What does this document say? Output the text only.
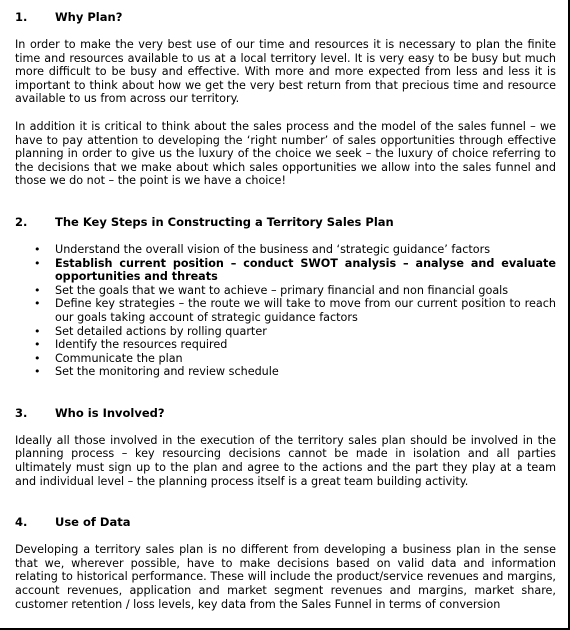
1. Why Plan?

In order to make the very best use of our time and resources it is necessary to plan the finite time and resources available to us at a local territory level. It is very easy to be busy but much more difficult to be busy and effective. With more and more expected from less and less it is important to think about how we get the very best return from that precious time and resource available to us from across our territory.

In addition it is critical to think about the sales process and the model of the sales funnel – we have to pay attention to developing the ‘right number’ of sales opportunities through effective planning in order to give us the luxury of the choice we seek – the luxury of choice referring to the decisions that we make about which sales opportunities we allow into the sales funnel and those we do not – the point is we have a choice!

2. The Key Steps in Constructing a Territory Sales Plan
• Understand the overall vision of the business and ‘strategic guidance’ factors
• Establish current position – conduct SWOT analysis – analyse and evaluate opportunities and threats
• Set the goals that we want to achieve – primary financial and non financial goals
• Define key strategies – the route we will take to move from our current position to reach our goals taking account of strategic guidance factors
• Set detailed actions by rolling quarter
• Identify the resources required
• Communicate the plan
• Set the monitoring and review schedule
3. Who is Involved?

Ideally all those involved in the execution of the territory sales plan should be involved in the planning process – key resourcing decisions cannot be made in isolation and all parties ultimately must sign up to the plan and agree to the actions and the part they play at a team and individual level – the planning process itself is a great team building activity.

4. Use of Data

Developing a territory sales plan is no different from developing a business plan in the sense that we, wherever possible, have to make decisions based on valid data and information relating to historical performance. These will include the product/service revenues and margins, account revenues, application and market segment revenues and margins, market share, customer retention / loss levels, key data from the Sales Funnel in terms of conversion
